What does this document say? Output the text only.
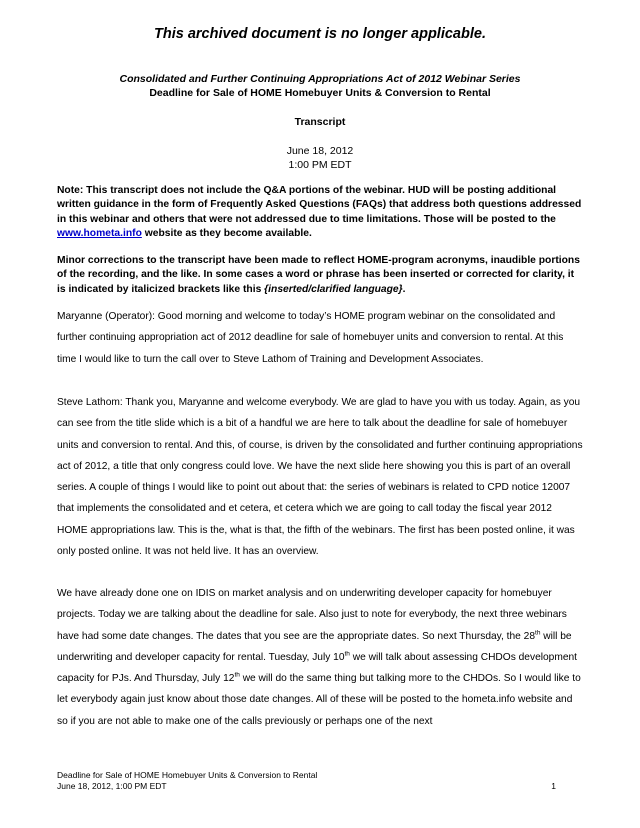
This archived document is no longer applicable.
Consolidated and Further Continuing Appropriations Act of 2012 Webinar Series
Deadline for Sale of HOME Homebuyer Units & Conversion to Rental
Transcript
June 18, 2012
1:00 PM EDT
Note: This transcript does not include the Q&A portions of the webinar. HUD will be posting additional written guidance in the form of Frequently Asked Questions (FAQs) that address both questions addressed in this webinar and others that were not addressed due to time limitations. Those will be posted to the www.hometa.info website as they become available.
Minor corrections to the transcript have been made to reflect HOME-program acronyms, inaudible portions of the recording, and the like. In some cases a word or phrase has been inserted or corrected for clarity, it is indicated by italicized brackets like this {inserted/clarified language}.
Maryanne (Operator): Good morning and welcome to today’s HOME program webinar on the consolidated and further continuing appropriation act of 2012 deadline for sale of homebuyer units and conversion to rental. At this time I would like to turn the call over to Steve Lathom of Training and Development Associates.
Steve Lathom: Thank you, Maryanne and welcome everybody. We are glad to have you with us today. Again, as you can see from the title slide which is a bit of a handful we are here to talk about the deadline for sale of homebuyer units and conversion to rental. And this, of course, is driven by the consolidated and further continuing appropriations act of 2012, a title that only congress could love. We have the next slide here showing you this is part of an overall series. A couple of things I would like to point out about that: the series of webinars is related to CPD notice 12007 that implements the consolidated and et cetera, et cetera which we are going to call today the fiscal year 2012 HOME appropriations law. This is the, what is that, the fifth of the webinars. The first has been posted online, it was only posted online. It was not held live. It has an overview.
We have already done one on IDIS on market analysis and on underwriting developer capacity for homebuyer projects. Today we are talking about the deadline for sale. Also just to note for everybody, the next three webinars have had some date changes. The dates that you see are the appropriate dates. So next Thursday, the 28th will be underwriting and developer capacity for rental. Tuesday, July 10th we will talk about assessing CHDOs development capacity for PJs. And Thursday, July 12th we will do the same thing but talking more to the CHDOs. So I would like to let everybody again just know about those date changes. All of these will be posted to the hometa.info website and so if you are not able to make one of the calls previously or perhaps one of the next
Deadline for Sale of HOME Homebuyer Units & Conversion to Rental
June 18, 2012, 1:00 PM EDT	1
